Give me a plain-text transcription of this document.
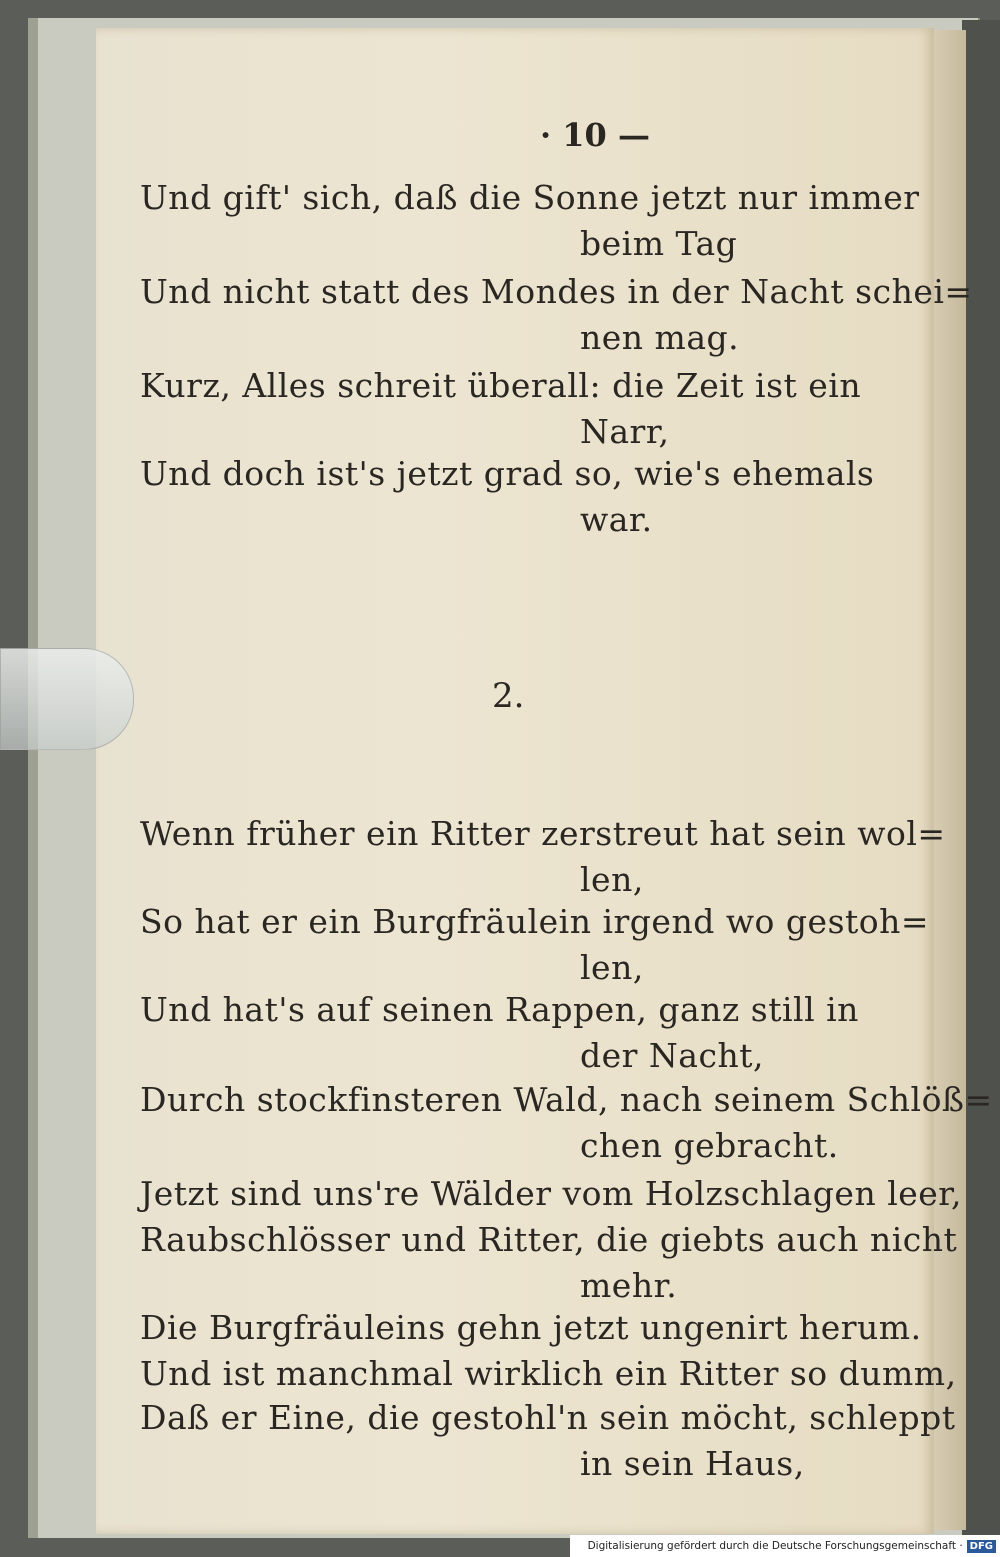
· 10 —
Und gift' sich, daß die Sonne jetzt nur immer
beim Tag
Und nicht statt des Mondes in der Nacht schei=
nen mag.
Kurz, Alles schreit überall: die Zeit ist ein
Narr,
Und doch ist's jetzt grad so, wie's ehemals
war.
2.
Wenn früher ein Ritter zerstreut hat sein wol=
len,
So hat er ein Burgfräulein irgend wo gestoh=
len,
Und hat's auf seinen Rappen, ganz still in
der Nacht,
Durch stockfinsteren Wald, nach seinem Schlöß=
chen gebracht.
Jetzt sind uns're Wälder vom Holzschlagen leer,
Raubschlösser und Ritter, die giebts auch nicht
mehr.
Die Burgfräuleins gehn jetzt ungenirt herum.
Und ist manchmal wirklich ein Ritter so dumm,
Daß er Eine, die gestohl'n sein möcht, schleppt
in sein Haus,
Digitalisierung gefördert durch die Deutsche Forschungsgemeinschaft · DFG
